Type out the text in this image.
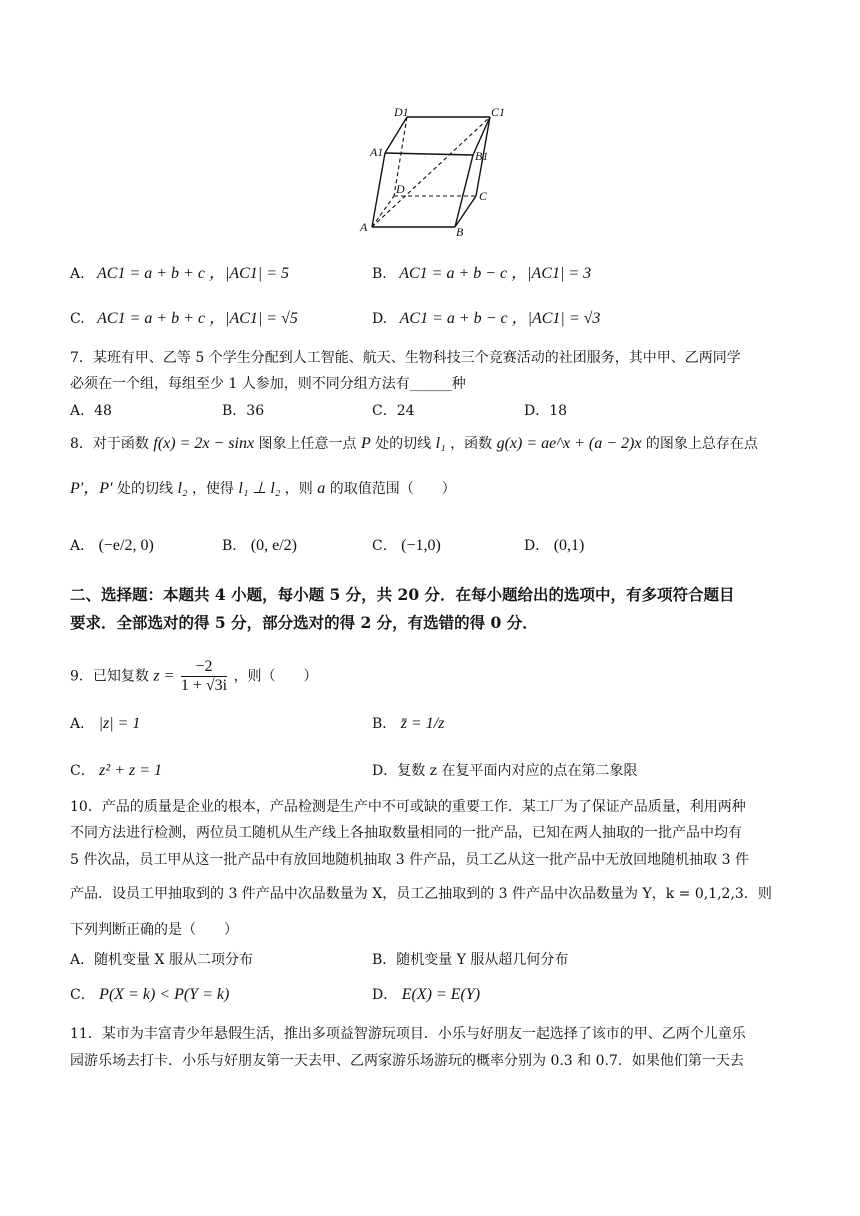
D1	C1
A1	B1
D	C
A	B
A. AC1 = a + b + c ，|AC1| = 5	B. AC1 = a + b − c ，|AC1| = 3
C. AC1 = a + b + c ，|AC1| = √5	D. AC1 = a + b − c ，|AC1| = √3
7．某班有甲、乙等 5 个学生分配到人工智能、航天、生物科技三个竞赛活动的社团服务，其中甲、乙两同学
必须在一个组，每组至少 1 人参加，则不同分组方法有______种
A．48	B．36	C．24	D．18
8．对于函数 f(x) = 2x − sinx 图象上任意一点 P 处的切线 l₁ ，函数 g(x) = ae^x + (a − 2)x 的图象上总存在点
P′，P′ 处的切线 l₂ ，使得 l₁ ⊥ l₂ ，则 a 的取值范围（　　）
A． (−e/2, 0)	B． (0, e/2)	C． (−1,0)	D． (0,1)
二、选择题：本题共 4 小题，每小题 5 分，共 20 分．在每小题给出的选项中，有多项符合题目
要求．全部选对的得 5 分，部分选对的得 2 分，有选错的得 0 分．
9．已知复数 $z = \frac{-2}{1 + √3i}$ ，则（　　）
A． |z| = 1	B． z̄ = 1/z
C． z² + z = 1	D．复数 z 在复平面内对应的点在第二象限
10．产品的质量是企业的根本，产品检测是生产中不可或缺的重要工作．某工厂为了保证产品质量，利用两种
不同方法进行检测，两位员工随机从生产线上各抽取数量相同的一批产品，已知在两人抽取的一批产品中均有
5 件次品，员工甲从这一批产品中有放回地随机抽取 3 件产品，员工乙从这一批产品中无放回地随机抽取 3 件
产品．设员工甲抽取到的 3 件产品中次品数量为 X，员工乙抽取到的 3 件产品中次品数量为 Y，k = 0,1,2,3．则
下列判断正确的是（　　）
A．随机变量 X 服从二项分布	B．随机变量 Y 服从超几何分布
C． P(X = k) < P(Y = k)	D． E(X) = E(Y)
11．某市为丰富青少年悬假生活，推出多项益智游玩项目．小乐与好朋友一起选择了该市的甲、乙两个儿童乐
园游乐场去打卡．小乐与好朋友第一天去甲、乙两家游乐场游玩的概率分别为 0.3 和 0.7．如果他们第一天去
